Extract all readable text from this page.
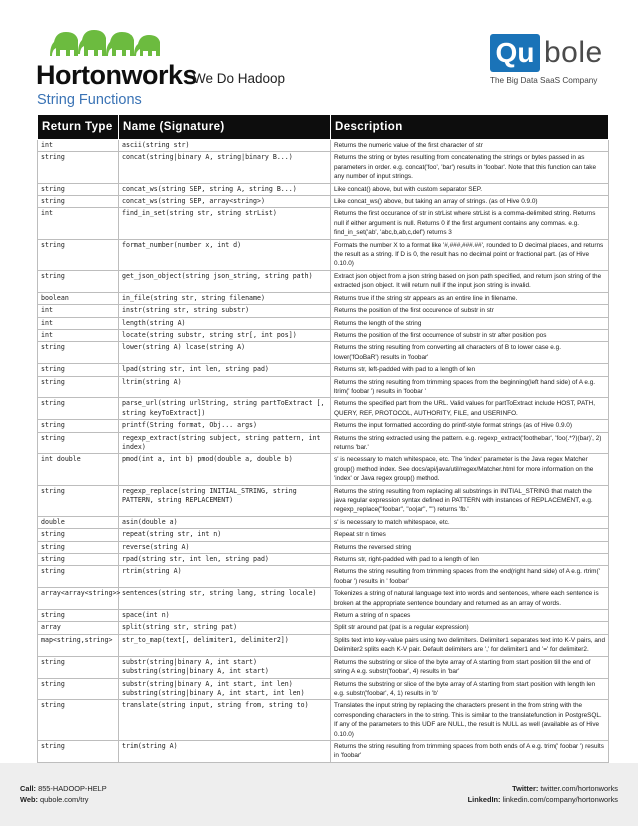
Hortonworks
We Do Hadoop
String Functions
Qu bole
The Big Data SaaS Company
Return Type	Name (Signature)	Description
int	ascii(string str)	Returns the numeric value of the first character of str
string	concat(string|binary A, string|binary B...)	Returns the string or bytes resulting from concatenating the strings or bytes passed in as parameters in order. e.g. concat('foo', 'bar') results in 'foobar'. Note that this function can take any number of input strings.
string	concat_ws(string SEP, string A, string B...)	Like concat() above, but with custom separator SEP.
string	concat_ws(string SEP, array<string>)	Like concat_ws() above, but taking an array of strings. (as of Hive 0.9.0)
int	find_in_set(string str, string strList)	Returns the first occurance of str in strList where strList is a comma-delimited string. Returns null if either argument is null. Returns 0 if the first argument contains any commas. e.g. find_in_set('ab', 'abc,b,ab,c,def') returns 3
string	format_number(number x, int d)	Formats the number X to a format like '#,###,###.##', rounded to D decimal places, and returns the result as a string. If D is 0, the result has no decimal point or fractional part. (as of Hive 0.10.0)
string	get_json_object(string json_string, string path)	Extract json object from a json string based on json path specified, and return json string of the extracted json object. It will return null if the input json string is invalid.
boolean	in_file(string str, string filename)	Returns true if the string str appears as an entire line in filename.
int	instr(string str, string substr)	Returns the position of the first occurence of substr in str
int	length(string A)	Returns the length of the string
int	locate(string substr, string str[, int pos])	Returns the position of the first occurrence of substr in str after position pos
string	lower(string A) lcase(string A)	Returns the string resulting from converting all characters of B to lower case e.g. lower('fOoBaR') results in 'foobar'
string	lpad(string str, int len, string pad)	Returns str, left-padded with pad to a length of len
string	ltrim(string A)	Returns the string resulting from trimming spaces from the beginning(left hand side) of A e.g. ltrim(' foobar ') results in 'foobar '
string	parse_url(string urlString, string partToExtract [, string keyToExtract])	Returns the specified part from the URL. Valid values for partToExtract include HOST, PATH, QUERY, REF, PROTOCOL, AUTHORITY, FILE, and USERINFO.
string	printf(String format, Obj... args)	Returns the input formatted according do printf-style format strings (as of Hive 0.9.0)
string	regexp_extract(string subject, string pattern, int index)	Returns the string extracted using the pattern. e.g. regexp_extract('foothebar', 'foo(.*?)(bar)', 2) returns 'bar.'
int double	pmod(int a, int b) pmod(double a, double b)	s' is necessary to match whitespace, etc. The 'index' parameter is the Java regex Matcher group() method index. See docs/api/java/util/regex/Matcher.html for more information on the 'index' or Java regex group() method.
string	regexp_replace(string INITIAL_STRING, string PATTERN, string REPLACEMENT)	Returns the string resulting from replacing all substrings in INITIAL_STRING that match the java regular expression syntax defined in PATTERN with instances of REPLACEMENT, e.g. regexp_replace("foobar", "oo|ar", "") returns 'fb.'
double	asin(double a)	s' is necessary to match whitespace, etc.
string	repeat(string str, int n)	Repeat str n times
string	reverse(string A)	Returns the reversed string
string	rpad(string str, int len, string pad)	Returns str, right-padded with pad to a length of len
string	rtrim(string A)	Returns the string resulting from trimming spaces from the end(right hand side) of A e.g. rtrim(' foobar ') results in ' foobar'
array<array<string>>	sentences(string str, string lang, string locale)	Tokenizes a string of natural language text into words and sentences, where each sentence is broken at the appropriate sentence boundary and returned as an array of words.
string	space(int n)	Return a string of n spaces
array	split(string str, string pat)	Split str around pat (pat is a regular expression)
map<string,string>	str_to_map(text[, delimiter1, delimiter2])	Splits text into key-value pairs using two delimiters. Delimiter1 separates text into K-V pairs, and Delimiter2 splits each K-V pair. Default delimiters are ',' for delimiter1 and '=' for delimiter2.
string	substr(string|binary A, int start) substring(string|binary A, int start)	Returns the substring or slice of the byte array of A starting from start position till the end of string A e.g. substr('foobar', 4) results in 'bar'
string	substr(string|binary A, int start, int len) substring(string|binary A, int start, int len)	Returns the substring or slice of the byte array of A starting from start position with length len e.g. substr('foobar', 4, 1) results in 'b'
string	translate(string input, string from, string to)	Translates the input string by replacing the characters present in the from string with the corresponding characters in the to string. This is similar to the translatefunction in PostgreSQL. If any of the parameters to this UDF are NULL, the result is NULL as well (available as of Hive 0.10.0)
string	trim(string A)	Returns the string resulting from trimming spaces from both ends of A e.g. trim(' foobar ') results in 'foobar'

Call: 855-HADOOP-HELP
Web: qubole.com/try
Twitter: twitter.com/hortonworks
LinkedIn: linkedin.com/company/hortonworks
